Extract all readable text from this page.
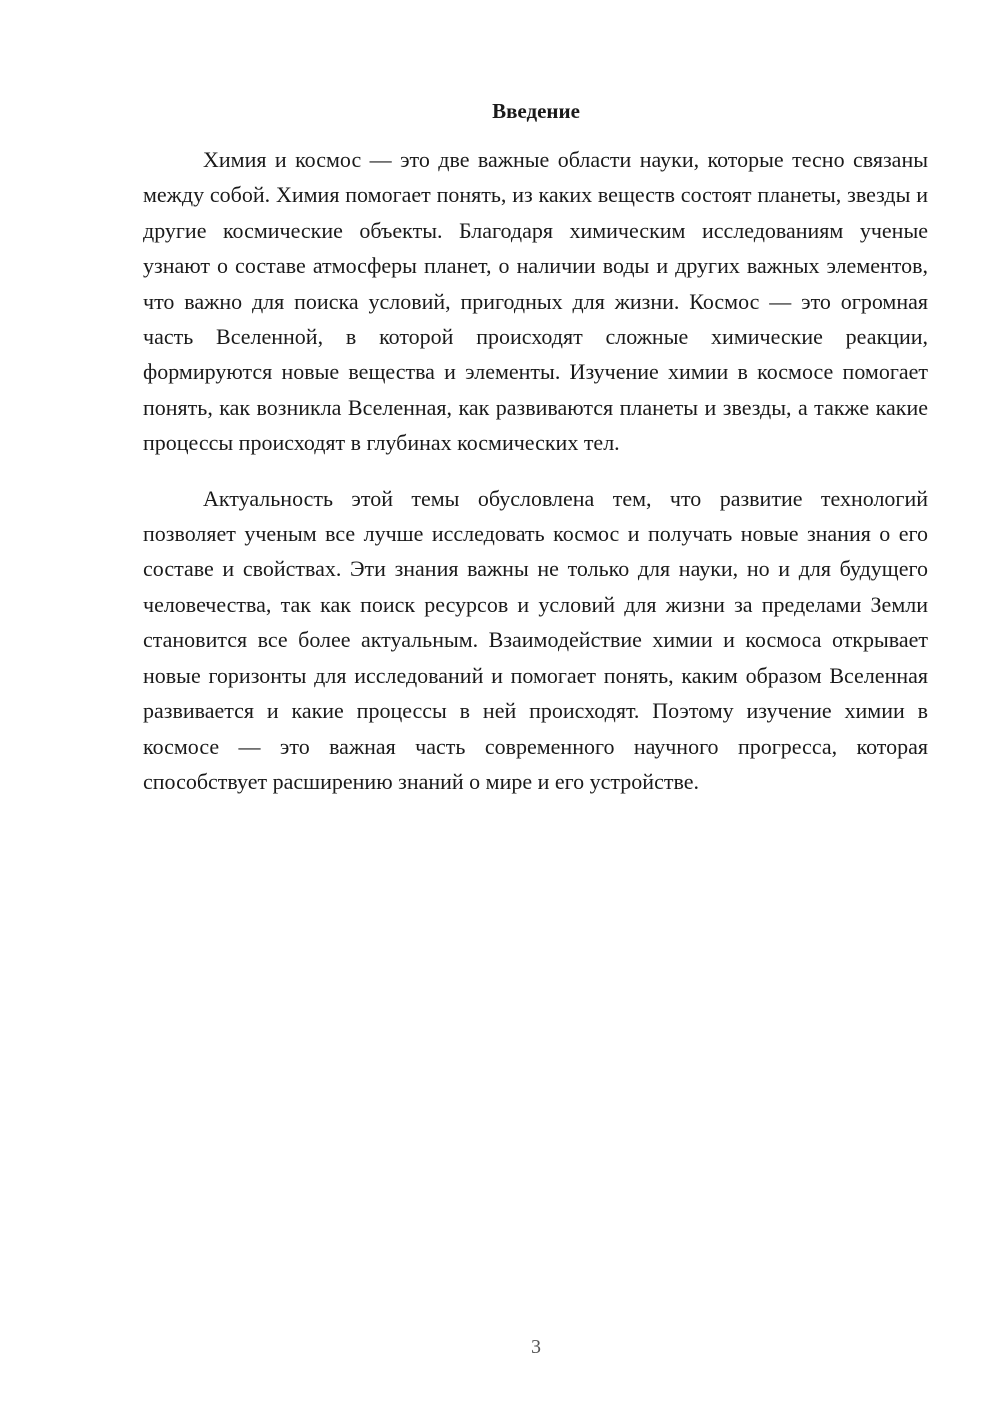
Введение

Химия и космос — это две важные области науки, которые тесно связаны между собой. Химия помогает понять, из каких веществ состоят планеты, звезды и другие космические объекты. Благодаря химическим исследованиям ученые узнают о составе атмосферы планет, о наличии воды и других важных элементов, что важно для поиска условий, пригодных для жизни. Космос — это огромная часть Вселенной, в которой происходят сложные химические реакции, формируются новые вещества и элементы. Изучение химии в космосе помогает понять, как возникла Вселенная, как развиваются планеты и звезды, а также какие процессы происходят в глубинах космических тел.

Актуальность этой темы обусловлена тем, что развитие технологий позволяет ученым все лучше исследовать космос и получать новые знания о его составе и свойствах. Эти знания важны не только для науки, но и для будущего человечества, так как поиск ресурсов и условий для жизни за пределами Земли становится все более актуальным. Взаимодействие химии и космоса открывает новые горизонты для исследований и помогает понять, каким образом Вселенная развивается и какие процессы в ней происходят. Поэтому изучение химии в космосе — это важная часть современного научного прогресса, которая способствует расширению знаний о мире и его устройстве.

3
